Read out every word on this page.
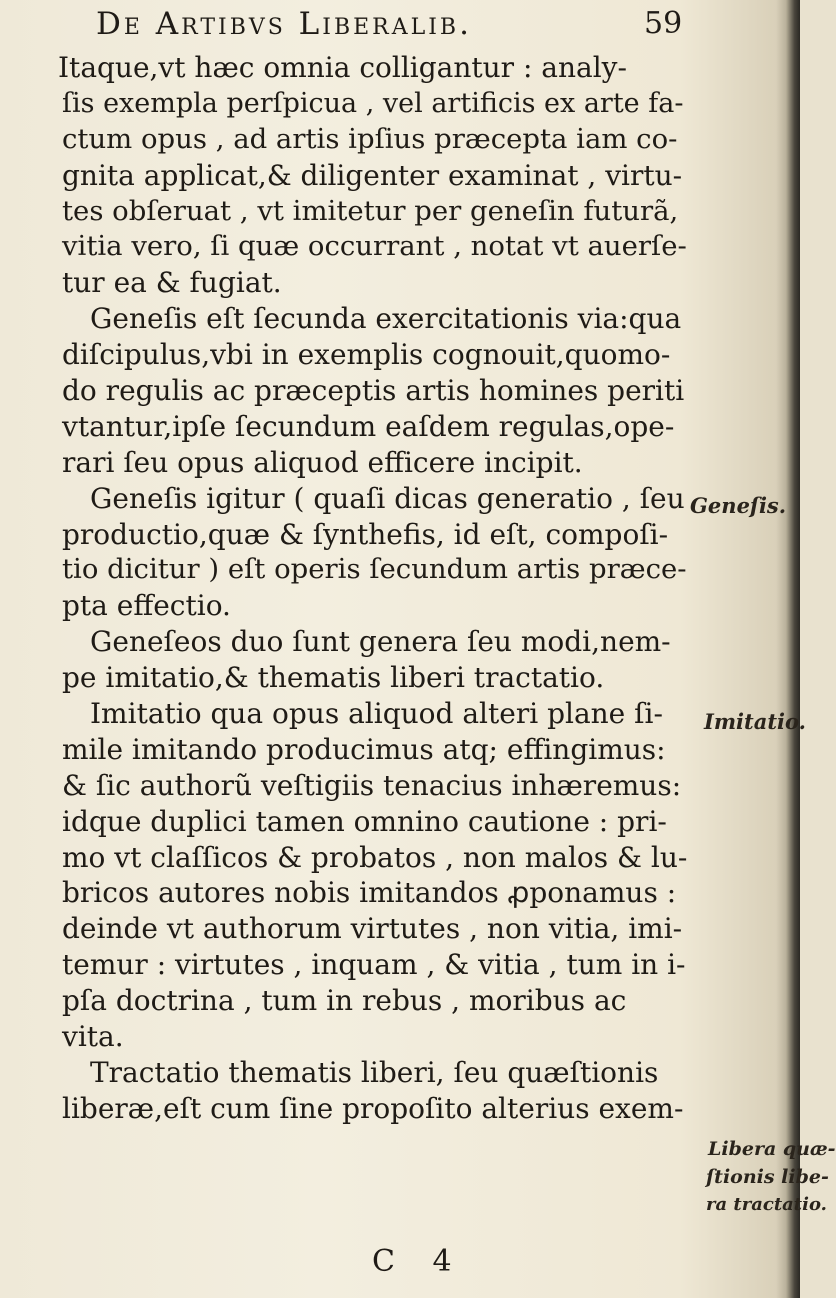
De Artibvs Liberalib.	59
Itaque,vt hæc omnia colligantur : analy-
ſis exempla perſpicua , vel artificis ex arte fa-
ctum opus , ad artis ipſius præcepta iam co-
gnita applicat,& diligenter examinat , virtu-
tes obſeruat , vt imitetur per geneſin futurã,
vitia vero, ſi quæ occurrant , notat vt auerſe-
tur ea & fugiat.
Geneſis eſt ſecunda exercitationis via:qua
diſcipulus,vbi in exemplis cognouit,quomo-
do regulis ac præceptis artis homines periti
vtantur,ipſe ſecundum eaſdem regulas,ope-
rari ſeu opus aliquod efficere incipit.
Geneſis igitur ( quaſi dicas generatio , ſeu
productio,quæ & ſynthefis, id eſt, compoſi-
tio dicitur ) eſt operis ſecundum artis præce-
pta effectio.
Geneſeos duo ſunt genera ſeu modi,nem-
pe imitatio,& thematis liberi tractatio.
Imitatio qua opus aliquod alteri plane ſi-
mile imitando producimus atq; effingimus:
& ſic authorũ veſtigiis tenacius inhæremus:
idque duplici tamen omnino cautione : pri-
mo vt claſſicos & probatos , non malos & lu-
bricos autores nobis imitandos ꝓponamus :
deinde vt authorum virtutes , non vitia, imi-
temur : virtutes , inquam , & vitia , tum in i-
pſa doctrina , tum in rebus , moribus ac
vita.
Tractatio thematis liberi, ſeu quæſtionis
liberæ,eſt cum ſine propoſito alterius exem-
Geneſis.
Imitatio.
Libera quæ-
ſtionis libe-
ra tractatio.
C 4
